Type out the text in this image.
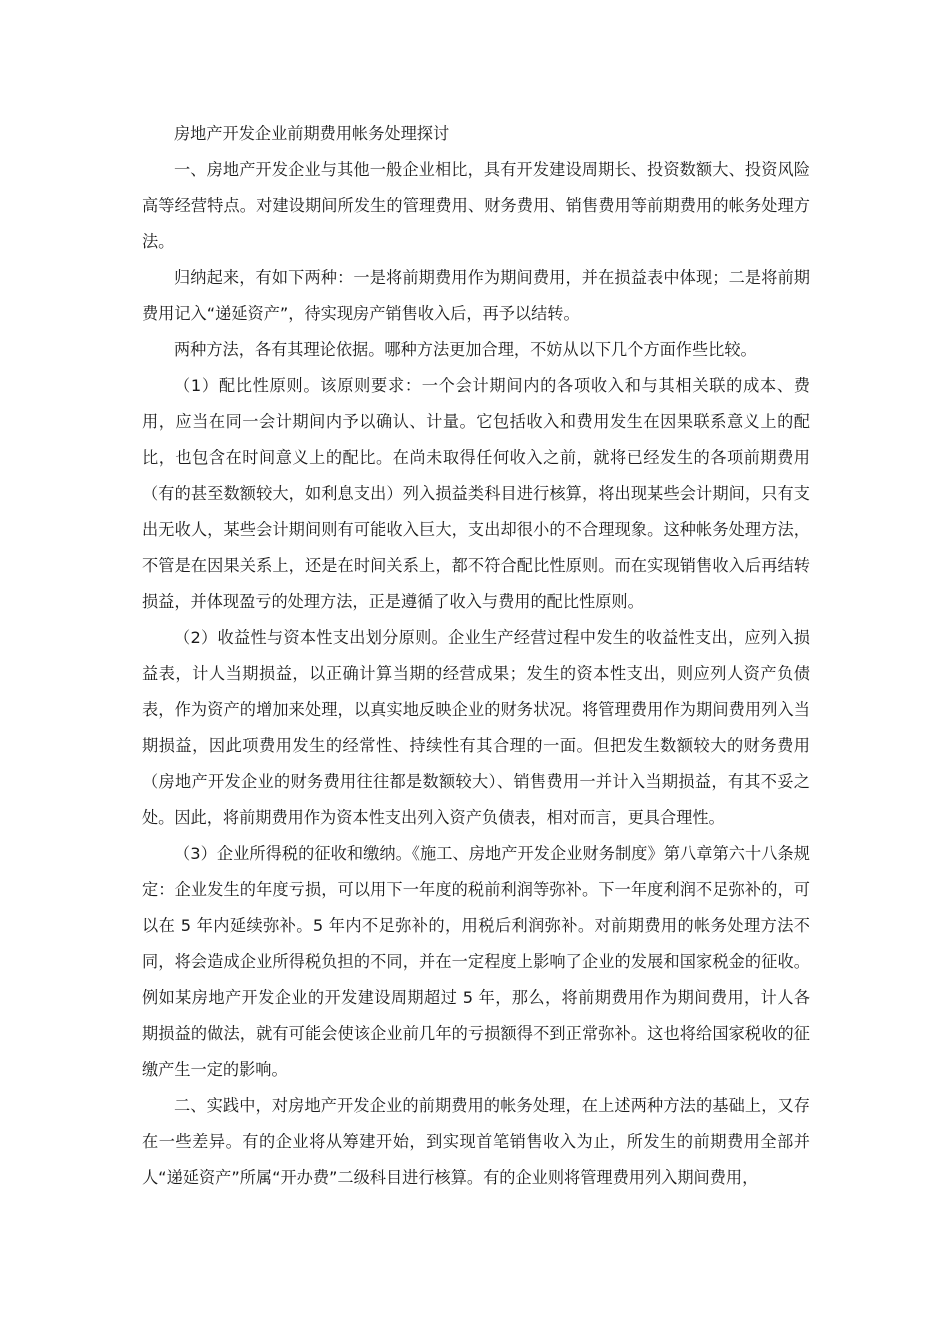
房地产开发企业前期费用帐务处理探讨

一、房地产开发企业与其他一般企业相比，具有开发建设周期长、投资数额大、投资风险高等经营特点。对建设期间所发生的管理费用、财务费用、销售费用等前期费用的帐务处理方法。

归纳起来，有如下两种：一是将前期费用作为期间费用，并在损益表中体现；二是将前期费用记入“递延资产”，待实现房产销售收入后，再予以结转。

两种方法，各有其理论依据。哪种方法更加合理，不妨从以下几个方面作些比较。

（1）配比性原则。该原则要求：一个会计期间内的各项收入和与其相关联的成本、费用，应当在同一会计期间内予以确认、计量。它包括收入和费用发生在因果联系意义上的配比，也包含在时间意义上的配比。在尚未取得任何收入之前，就将已经发生的各项前期费用（有的甚至数额较大，如利息支出）列入损益类科目进行核算，将出现某些会计期间，只有支出无收人，某些会计期间则有可能收入巨大，支出却很小的不合理现象。这种帐务处理方法，不管是在因果关系上，还是在时间关系上，都不符合配比性原则。而在实现销售收入后再结转损益，并体现盈亏的处理方法，正是遵循了收入与费用的配比性原则。

（2）收益性与资本性支出划分原则。企业生产经营过程中发生的收益性支出，应列入损益表，计人当期损益，以正确计算当期的经营成果；发生的资本性支出，则应列人资产负债表，作为资产的增加来处理，以真实地反映企业的财务状况。将管理费用作为期间费用列入当期损益，因此项费用发生的经常性、持续性有其合理的一面。但把发生数额较大的财务费用（房地产开发企业的财务费用往往都是数额较大）、销售费用一并计入当期损益，有其不妥之处。因此，将前期费用作为资本性支出列入资产负债表，相对而言，更具合理性。

（3）企业所得税的征收和缴纳。《施工、房地产开发企业财务制度》第八章第六十八条规定：企业发生的年度亏损，可以用下一年度的税前利润等弥补。下一年度利润不足弥补的，可以在 5 年内延续弥补。5 年内不足弥补的，用税后利润弥补。对前期费用的帐务处理方法不同，将会造成企业所得税负担的不同，并在一定程度上影响了企业的发展和国家税金的征收。例如某房地产开发企业的开发建设周期超过 5 年，那么，将前期费用作为期间费用，计人各期损益的做法，就有可能会使该企业前几年的亏损额得不到正常弥补。这也将给国家税收的征缴产生一定的影响。

二、实践中，对房地产开发企业的前期费用的帐务处理，在上述两种方法的基础上，又存在一些差异。有的企业将从筹建开始，到实现首笔销售收入为止，所发生的前期费用全部并人“递延资产”所属“开办费”二级科目进行核算。有的企业则将管理费用列入期间费用，
